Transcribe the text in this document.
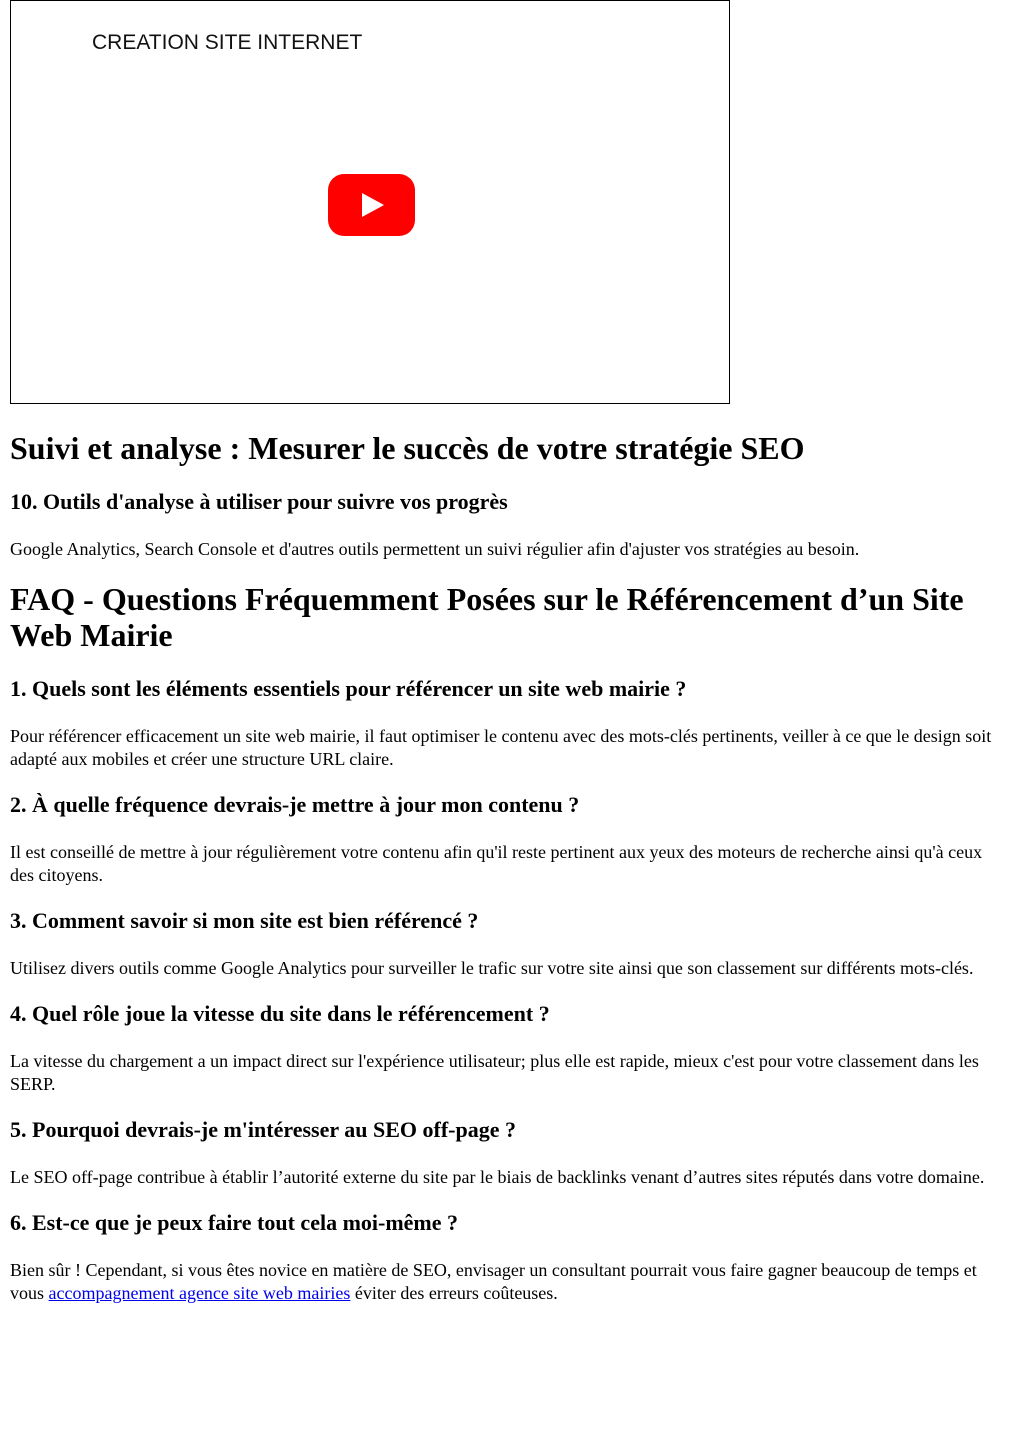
CREATION SITE INTERNET
Suivi et analyse : Mesurer le succès de votre stratégie SEO
10. Outils d'analyse à utiliser pour suivre vos progrès

Google Analytics, Search Console et d'autres outils permettent un suivi régulier afin d'ajuster vos stratégies au besoin.

FAQ - Questions Fréquemment Posées sur le Référencement d’un Site Web Mairie
1. Quels sont les éléments essentiels pour référencer un site web mairie ?

Pour référencer efficacement un site web mairie, il faut optimiser le contenu avec des mots-clés pertinents, veiller à ce que le design soit adapté aux mobiles et créer une structure URL claire.

2. À quelle fréquence devrais-je mettre à jour mon contenu ?

Il est conseillé de mettre à jour régulièrement votre contenu afin qu'il reste pertinent aux yeux des moteurs de recherche ainsi qu'à ceux des citoyens.

3. Comment savoir si mon site est bien référencé ?

Utilisez divers outils comme Google Analytics pour surveiller le trafic sur votre site ainsi que son classement sur différents mots-clés.

4. Quel rôle joue la vitesse du site dans le référencement ?

La vitesse du chargement a un impact direct sur l'expérience utilisateur; plus elle est rapide, mieux c'est pour votre classement dans les SERP.

5. Pourquoi devrais-je m'intéresser au SEO off-page ?

Le SEO off-page contribue à établir l’autorité externe du site par le biais de backlinks venant d’autres sites réputés dans votre domaine.

6. Est-ce que je peux faire tout cela moi-même ?

Bien sûr ! Cependant, si vous êtes novice en matière de SEO, envisager un consultant pourrait vous faire gagner beaucoup de temps et vous accompagnement agence site web mairies éviter des erreurs coûteuses.
